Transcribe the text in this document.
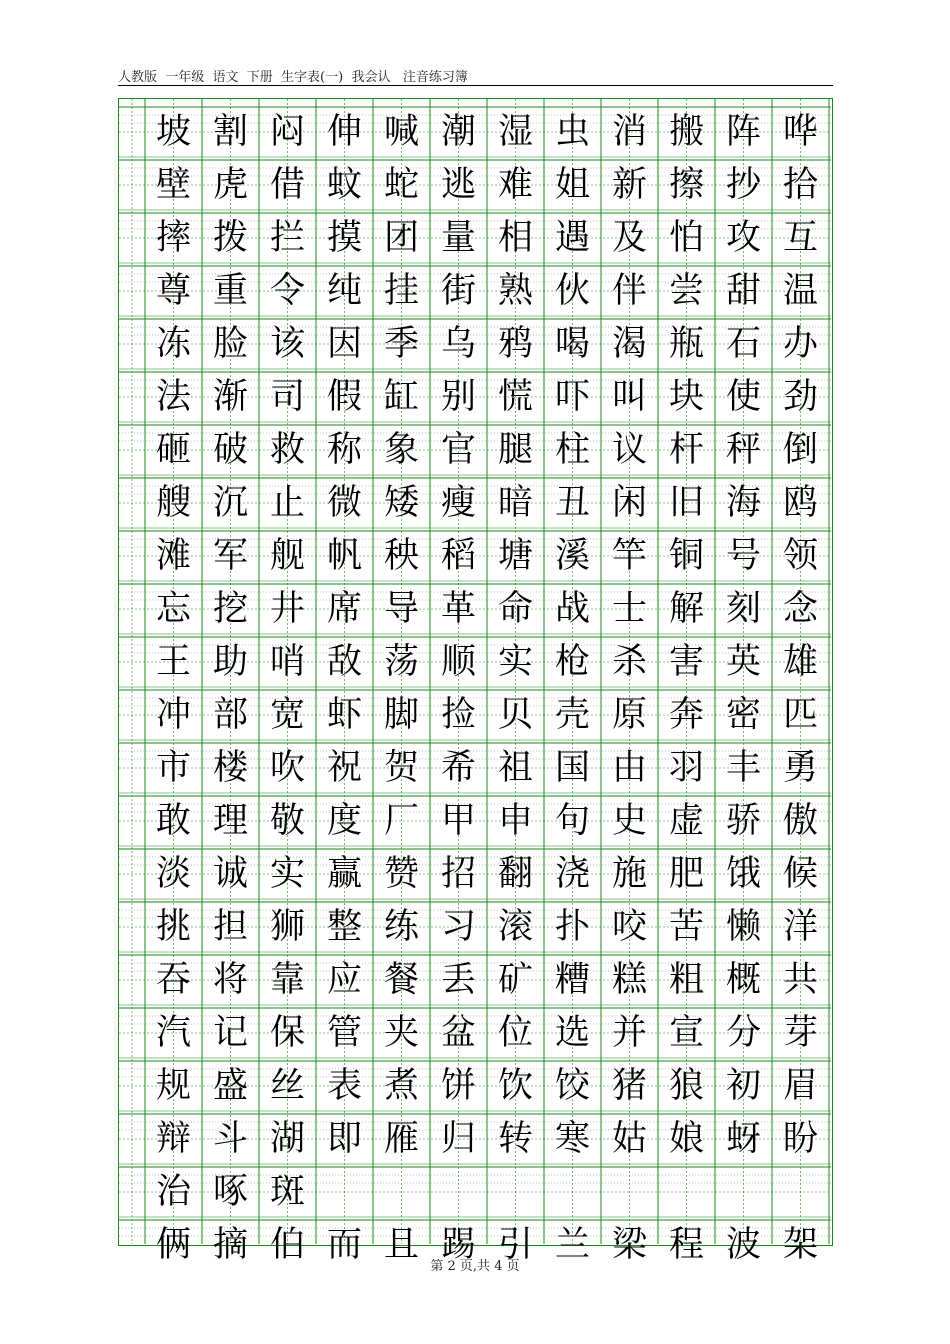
人教版  一年级  语文  下册  生字表(一)  我会认   注音练习簿
坡 割 闷 伸 喊 潮 湿 虫 消 搬 阵 哗
壁 虎 借 蚊 蛇 逃 难 姐 新 擦 抄 拾
摔 拨 拦 摸 团 量 相 遇 及 怕 攻 互
尊 重 令 纯 挂 街 熟 伙 伴 尝 甜 温
冻 脸 该 因 季 乌 鸦 喝 渴 瓶 石 办
法 渐 司 假 缸 别 慌 吓 叫 块 使 劲
砸 破 救 称 象 官 腿 柱 议 杆 秤 倒
艘 沉 止 微 矮 瘦 暗 丑 闲 旧 海 鸥
滩 军 舰 帆 秧 稻 塘 溪 竿 铜 号 领
忘 挖 井 席 导 革 命 战 士 解 刻 念
王 助 哨 敌 荡 顺 实 枪 杀 害 英 雄
冲 部 宽 虾 脚 捡 贝 壳 原 奔 密 匹
市 楼 吹 祝 贺 希 祖 国 由 羽 丰 勇
敢 理 敬 度 厂 甲 申 句 史 虚 骄 傲
淡 诚 实 赢 赞 招 翻 浇 施 肥 饿 候
挑 担 狮 整 练 习 滚 扑 咬 苦 懒 洋
吞 将 靠 应 餐 丢 矿 糟 糕 粗 概 共
汽 记 保 管 夹 盆 位 选 并 宣 分 芽
规 盛 丝 表 煮 饼 饮 饺 猪 狼 初 眉
辩 斗 湖 即 雁 归 转 寒 姑 娘 蚜 盼
治 啄 斑
俩 摘 伯 而 且 踢 引 兰 梁 程 波 架
第 2 页,共 4 页
